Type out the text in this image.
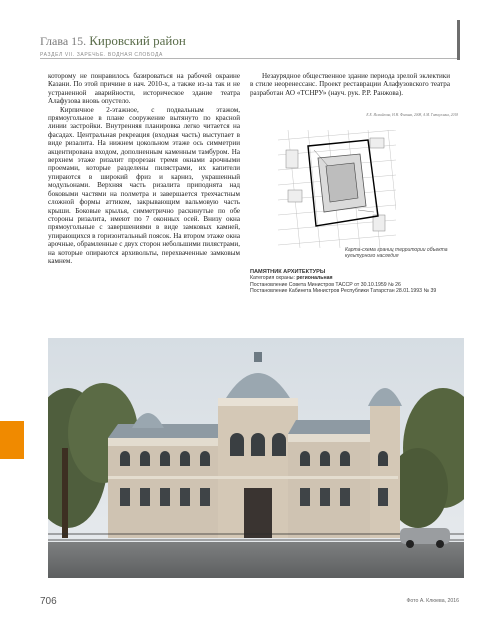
Глава 15. Кировский район
РАЗДЕЛ VII. ЗАРЕЧЬЕ. ВОДНАЯ СЛОБОДА

которому не понравилось базироваться на рабочей окраине Казани. По этой причине в нач. 2010-х, а также из-за так и не устраненной аварийности, историческое здание театра Алафузова вновь опустело.

Кирпичное 2-этажное, с подвальным этажом, прямоугольное в плане сооружение вытянуто по красной линии застройки. Внутренняя планировка легко читается на фасадах. Центральная рекреация (входная часть) выступает в виде ризалита. На нижнем цокольном этаже ось симметрии акцентирована входом, дополненным каменным тамбуром. На верхнем этаже ризалит прорезан тремя окнами арочными проемами, которые разделены пилястрами, их капители упираются в широкий фриз и карниз, украшенный модульонами. Верхняя часть ризалита приподнята над боковыми частями на полметра и завершается трехчастным сложной формы аттиком, закрывающим вальмовую часть крыши. Боковые крылья, симметрично раскинутые по обе стороны ризалита, имеют по 7 оконных осей. Внизу окна прямоугольные с завершениями в виде замковых камней, упирающихся в горизонтальный поясок. На втором этаже окна арочные, обрамленные с двух сторон небольшими пилястрами, на которые опираются архивольты, перехваченные замковым камнем.

Незаурядное общественное здание периода зрелой эклектики в стиле неоренессанс. Проект реставрации Алафузовского театра разработан АО «ТСНРУ» (науч. рук. Р.Р. Ранжова).

Е.Е. Исмайлова, Н.Н. Фомина, 2008, А.М. Гатауллина, 2018
Карта-схема границ территории объекта культурного наследия
ПАМЯТНИК АРХИТЕКТУРЫ
Категория охраны: региональная
Постановление Совета Министров ТАССР от 30.10.1959 № 26
Постановление Кабинета Министров Республики Татарстан 28.01.1993 № 39
706	Фото А. Клюева, 2016
